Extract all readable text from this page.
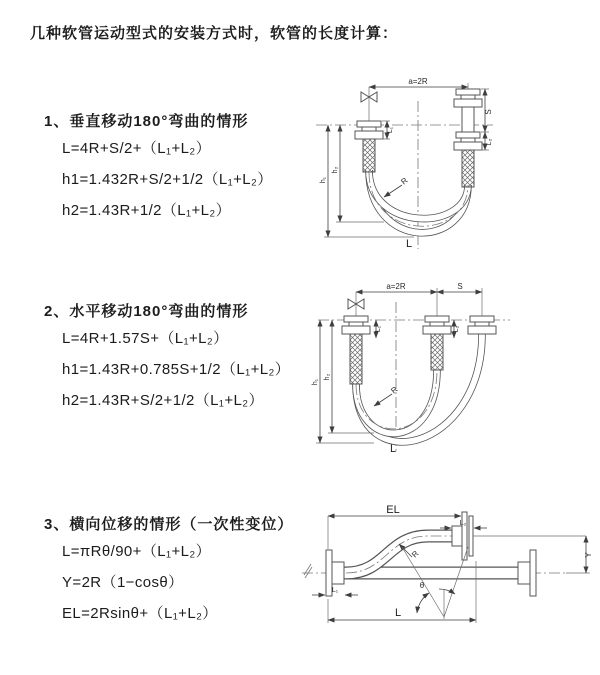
几种软管运动型式的安装方式时，软管的长度计算：
1、垂直移动180°弯曲的情形
L=4R+S/2+（L₁+L₂）
h1=1.432R+S/2+1/2（L₁+L₂）
h2=1.43R+1/2（L₁+L₂）
2、水平移动180°弯曲的情形
L=4R+1.57S+（L₁+L₂）
h1=1.43R+0.785S+1/2（L₁+L₂）
h2=1.43R+S/2+1/2（L₁+L₂）
3、横向位移的情形（一次性变位）
L=πRθ/90+（L₁+L₂）
Y=2R（1−cosθ）
EL=2Rsinθ+（L₁+L₂）
a=2R
S
L₂
L₁
h₁
h₂
R
L
a=2R	S
h₁
h₂
L₁	L₂
R
L
EL
L₂
Y
R
θ
L
L₁
